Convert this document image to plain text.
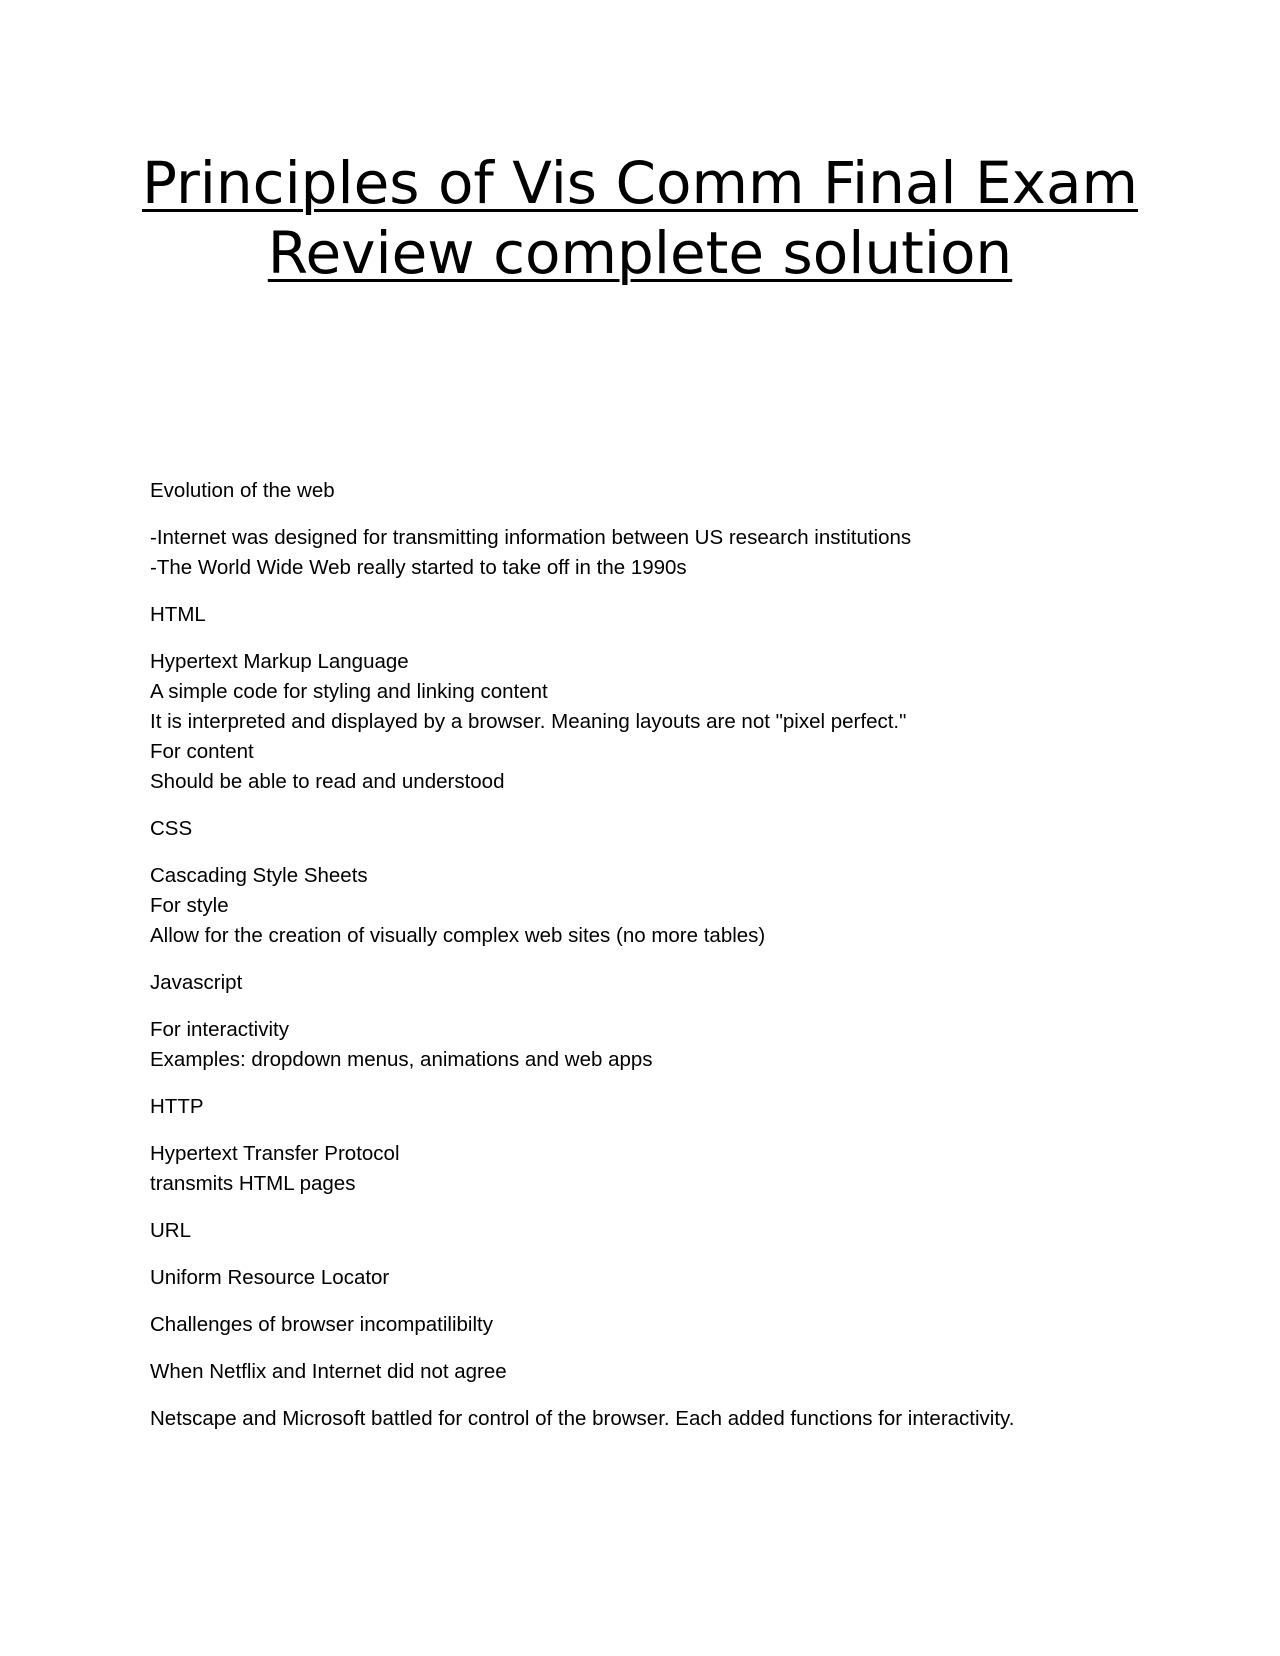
Principles of Vis Comm Final Exam
Review complete solution

Evolution of the web

-Internet was designed for transmitting information between US research institutions
-The World Wide Web really started to take off in the 1990s

HTML

Hypertext Markup Language
A simple code for styling and linking content
It is interpreted and displayed by a browser. Meaning layouts are not "pixel perfect."
For content
Should be able to read and understood

CSS

Cascading Style Sheets
For style
Allow for the creation of visually complex web sites (no more tables)

Javascript

For interactivity
Examples: dropdown menus, animations and web apps

HTTP

Hypertext Transfer Protocol
transmits HTML pages

URL

Uniform Resource Locator

Challenges of browser incompatilibilty

When Netflix and Internet did not agree

Netscape and Microsoft battled for control of the browser. Each added functions for interactivity.
